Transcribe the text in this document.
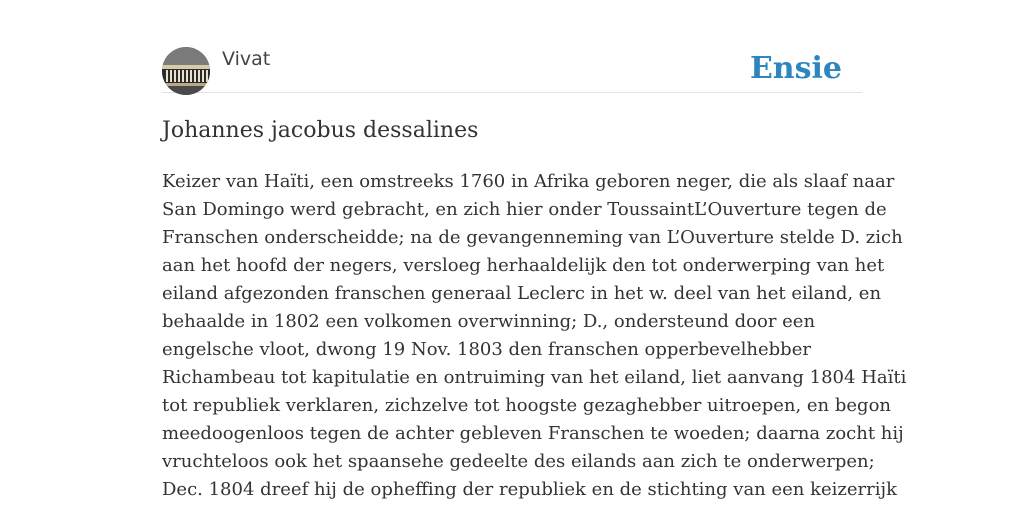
Vivat	Ensie
Johannes jacobus dessalines
Keizer van Haïti, een omstreeks 1760 in Afrika geboren neger, die als slaaf naar
San Domingo werd gebracht, en zich hier onder ToussaintL’Ouverture tegen de
Franschen onderscheidde; na de gevangenneming van L’Ouverture stelde D. zich
aan het hoofd der negers, versloeg herhaaldelijk den tot onderwerping van het
eiland afgezonden franschen generaal Leclerc in het w. deel van het eiland, en
behaalde in 1802 een volkomen overwinning; D., ondersteund door een
engelsche vloot, dwong 19 Nov. 1803 den franschen opperbevelhebber
Richambeau tot kapitulatie en ontruiming van het eiland, liet aanvang 1804 Haïti
tot republiek verklaren, zichzelve tot hoogste gezaghebber uitroepen, en begon
meedoogenloos tegen de achter gebleven Franschen te woeden; daarna zocht hij
vruchteloos ook het spaansehe gedeelte des eilands aan zich te onderwerpen;
Dec. 1804 dreef hij de opheffing der republiek en de stichting van een keizerrijk
